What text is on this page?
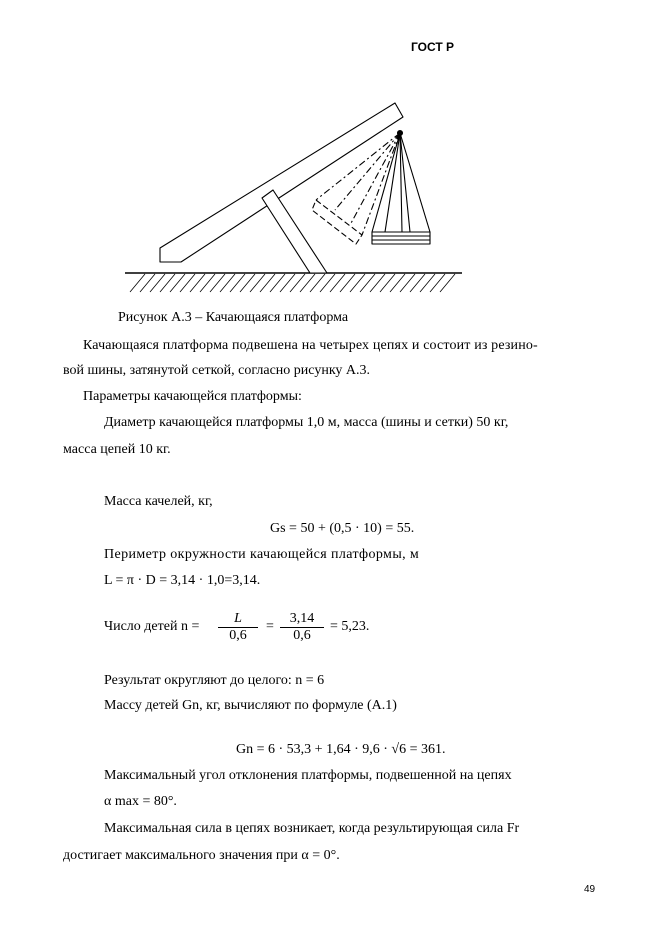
ГОСТ Р
Рисунок А.3 – Качающаяся платформа
Качающаяся платформа подвешена на четырех цепях и состоит из резино-
вой шины, затянутой сеткой, согласно рисунку А.3.
Параметры качающейся платформы:
Диаметр качающейся платформы 1,0 м, масса (шины и сетки) 50 кг,
масса цепей 10 кг.
Масса качелей, кг,
Gs = 50 + (0,5 · 10) = 55.
Периметр окружности качающейся платформы, м
L = π · D = 3,14 · 1,0=3,14.
Число детей $n = \frac{L}{0,6} = \frac{3,14}{0,6} = 5,23$.
Результат округляют до целого: n = 6
Массу детей Gn, кг, вычисляют по формуле (А.1)
Gn = 6 · 53,3 + 1,64 · 9,6 · √6 = 361.
Максимальный угол отклонения платформы, подвешенной на цепях
α max = 80°.
Максимальная сила в цепях возникает, когда результирующая сила Fr
достигает максимального значения при α = 0°.
49
